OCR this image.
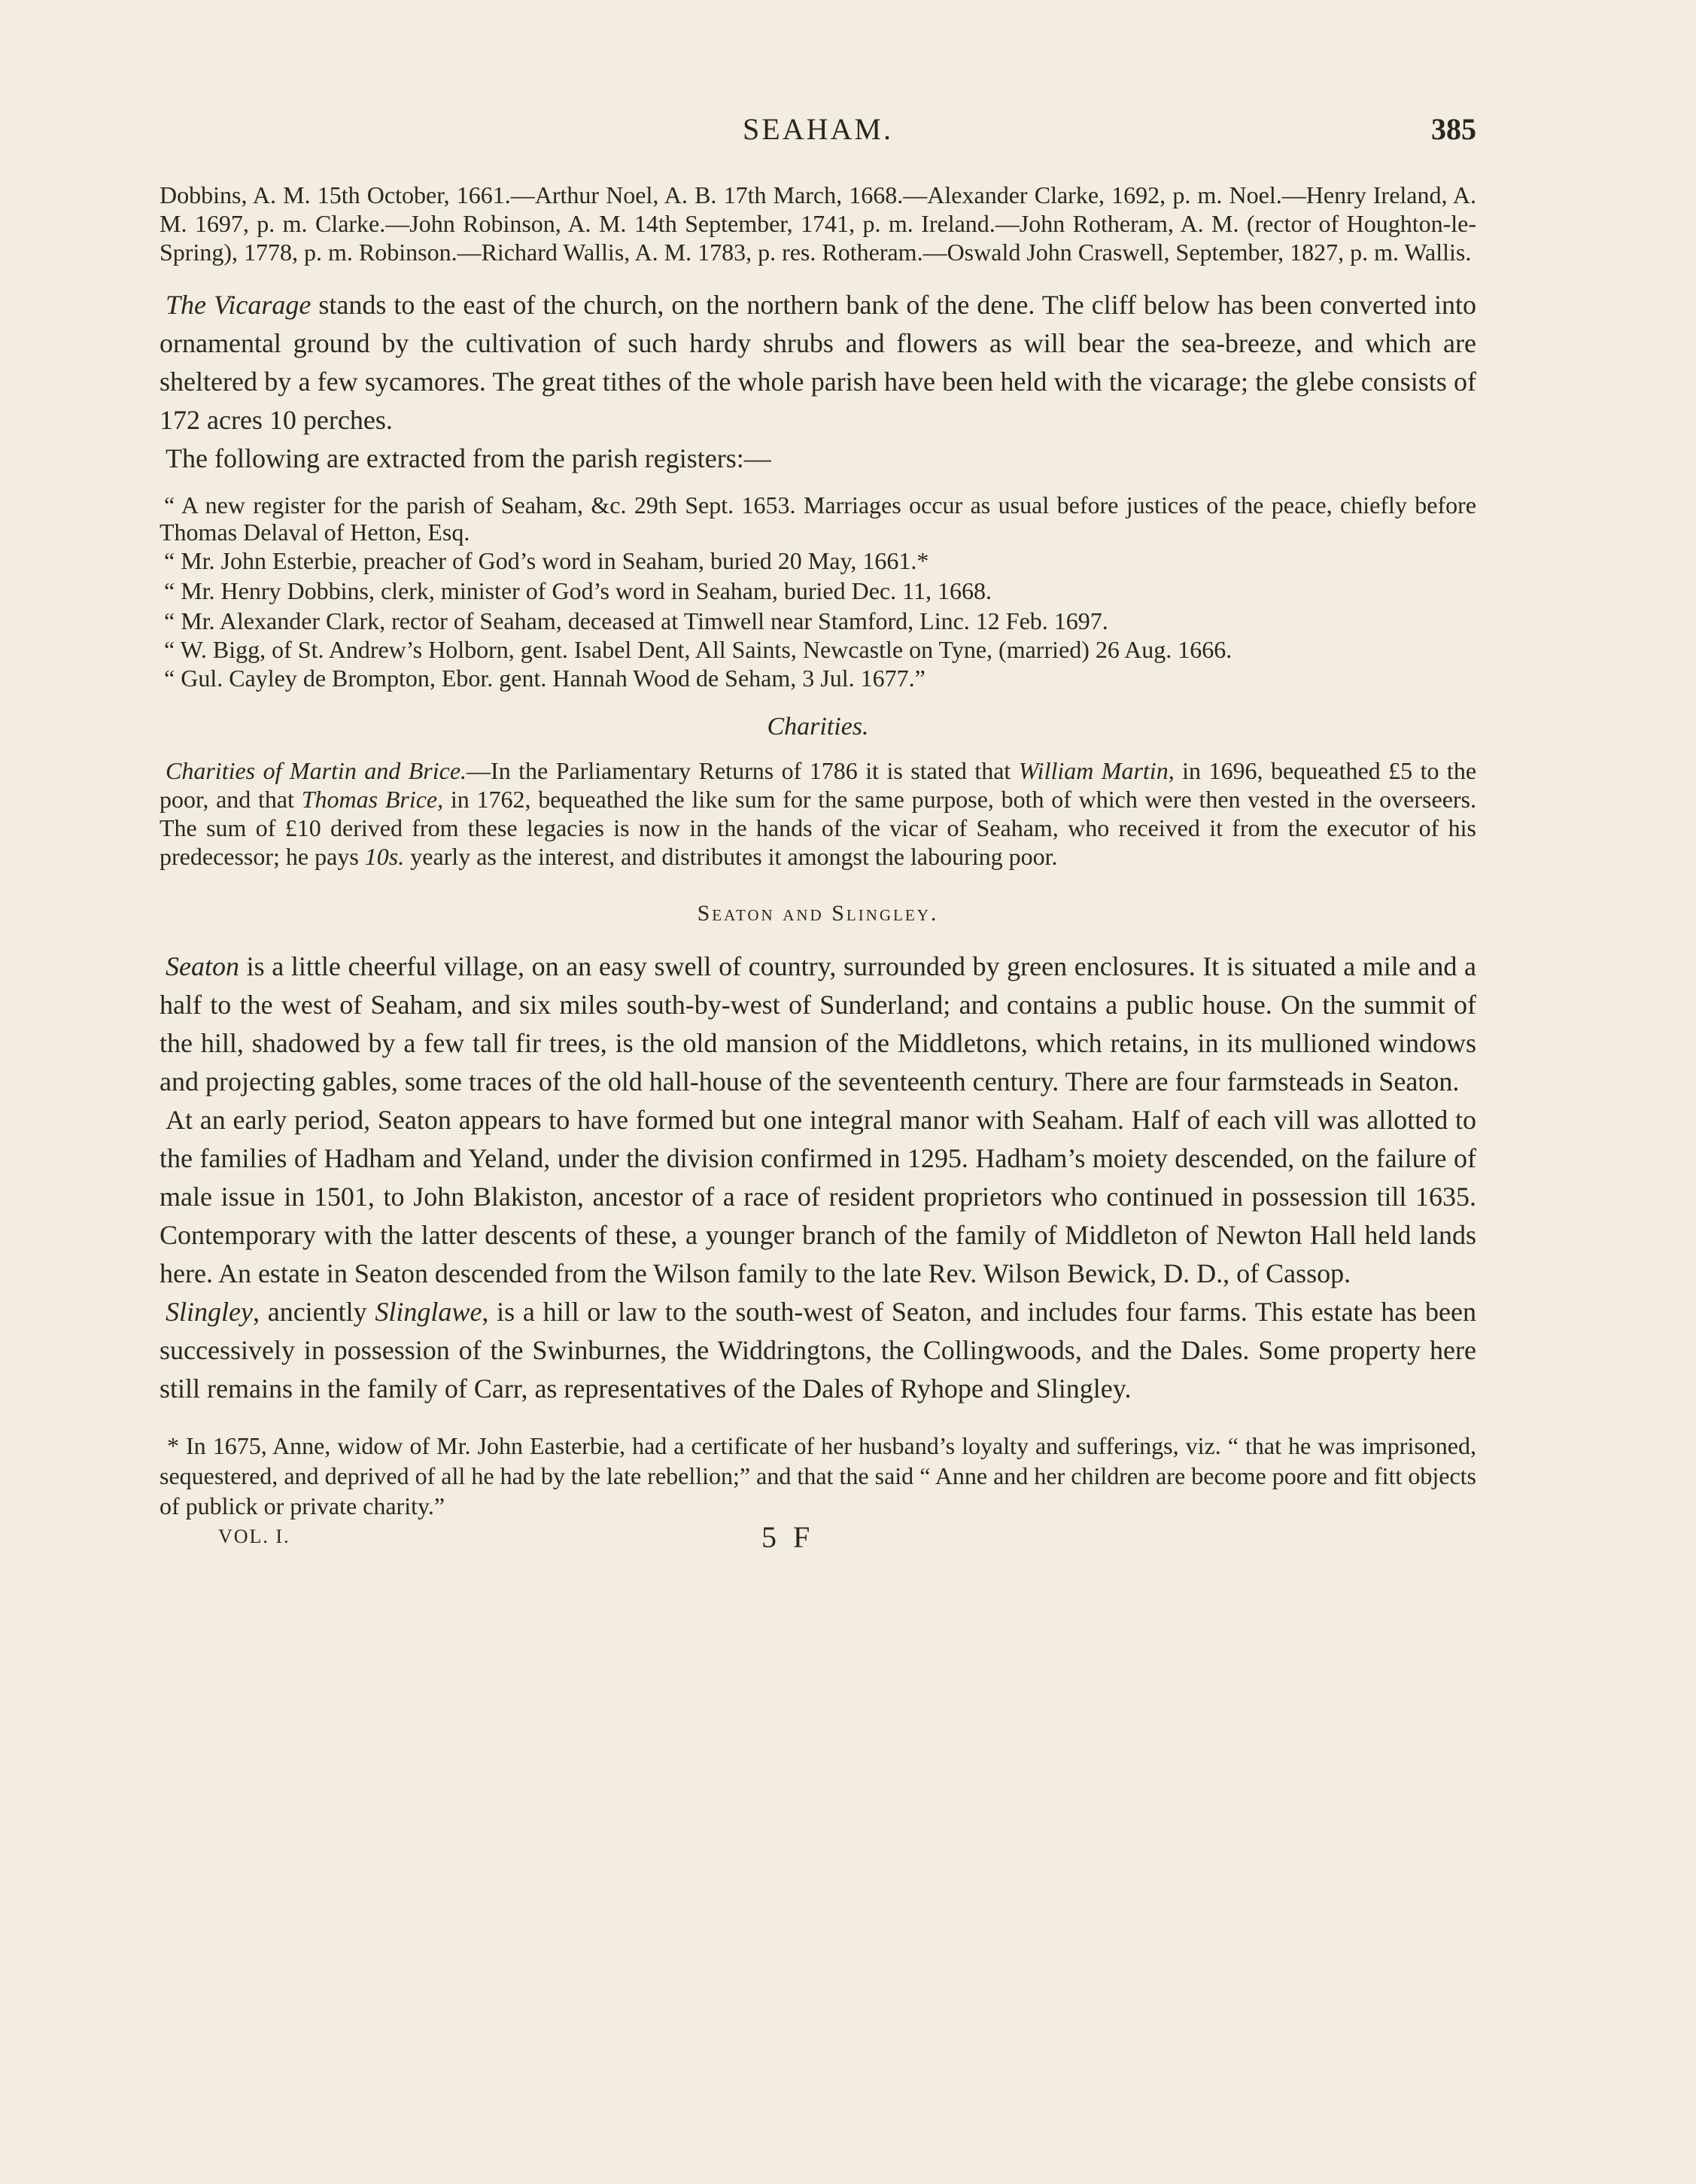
SEAHAM.	385

Dobbins, A. M. 15th October, 1661.—Arthur Noel, A. B. 17th March, 1668.—Alexander Clarke, 1692, p. m. Noel.—Henry Ireland, A. M. 1697, p. m. Clarke.—John Robinson, A. M. 14th September, 1741, p. m. Ireland.—John Rotheram, A. M. (rector of Houghton-le-Spring), 1778, p. m. Robinson.—Richard Wallis, A. M. 1783, p. res. Rotheram.—Oswald John Craswell, September, 1827, p. m. Wallis.

The Vicarage stands to the east of the church, on the northern bank of the dene. The cliff below has been converted into ornamental ground by the cultivation of such hardy shrubs and flowers as will bear the sea-breeze, and which are sheltered by a few sycamores. The great tithes of the whole parish have been held with the vicarage; the glebe consists of 172 acres 10 perches.

The following are extracted from the parish registers:—

“ A new register for the parish of Seaham, &c. 29th Sept. 1653. Marriages occur as usual before justices of the peace, chiefly before Thomas Delaval of Hetton, Esq.

“ Mr. John Esterbie, preacher of God’s word in Seaham, buried 20 May, 1661.*

“ Mr. Henry Dobbins, clerk, minister of God’s word in Seaham, buried Dec. 11, 1668.

“ Mr. Alexander Clark, rector of Seaham, deceased at Timwell near Stamford, Linc. 12 Feb. 1697.

“ W. Bigg, of St. Andrew’s Holborn, gent. Isabel Dent, All Saints, Newcastle on Tyne, (married) 26 Aug. 1666.

“ Gul. Cayley de Brompton, Ebor. gent. Hannah Wood de Seham, 3 Jul. 1677.”

Charities.

Charities of Martin and Brice.—In the Parliamentary Returns of 1786 it is stated that William Martin, in 1696, bequeathed £5 to the poor, and that Thomas Brice, in 1762, bequeathed the like sum for the same purpose, both of which were then vested in the overseers. The sum of £10 derived from these legacies is now in the hands of the vicar of Seaham, who received it from the executor of his predecessor; he pays 10s. yearly as the interest, and distributes it amongst the labouring poor.

Seaton and Slingley.

Seaton is a little cheerful village, on an easy swell of country, surrounded by green enclosures. It is situated a mile and a half to the west of Seaham, and six miles south-by-west of Sunderland; and contains a public house. On the summit of the hill, shadowed by a few tall fir trees, is the old mansion of the Middletons, which retains, in its mullioned windows and projecting gables, some traces of the old hall-house of the seventeenth century. There are four farmsteads in Seaton.

At an early period, Seaton appears to have formed but one integral manor with Seaham. Half of each vill was allotted to the families of Hadham and Yeland, under the division confirmed in 1295. Hadham’s moiety descended, on the failure of male issue in 1501, to John Blakiston, ancestor of a race of resident proprietors who continued in possession till 1635. Contemporary with the latter descents of these, a younger branch of the family of Middleton of Newton Hall held lands here. An estate in Seaton descended from the Wilson family to the late Rev. Wilson Bewick, D. D., of Cassop.

Slingley, anciently Slinglawe, is a hill or law to the south-west of Seaton, and includes four farms. This estate has been successively in possession of the Swinburnes, the Widdringtons, the Collingwoods, and the Dales. Some property here still remains in the family of Carr, as representatives of the Dales of Ryhope and Slingley.

* In 1675, Anne, widow of Mr. John Easterbie, had a certificate of her husband’s loyalty and sufferings, viz. “ that he was imprisoned, sequestered, and deprived of all he had by the late rebellion;” and that the said “ Anne and her children are become poore and fitt objects of publick or private charity.”

VOL. I.	5 F
